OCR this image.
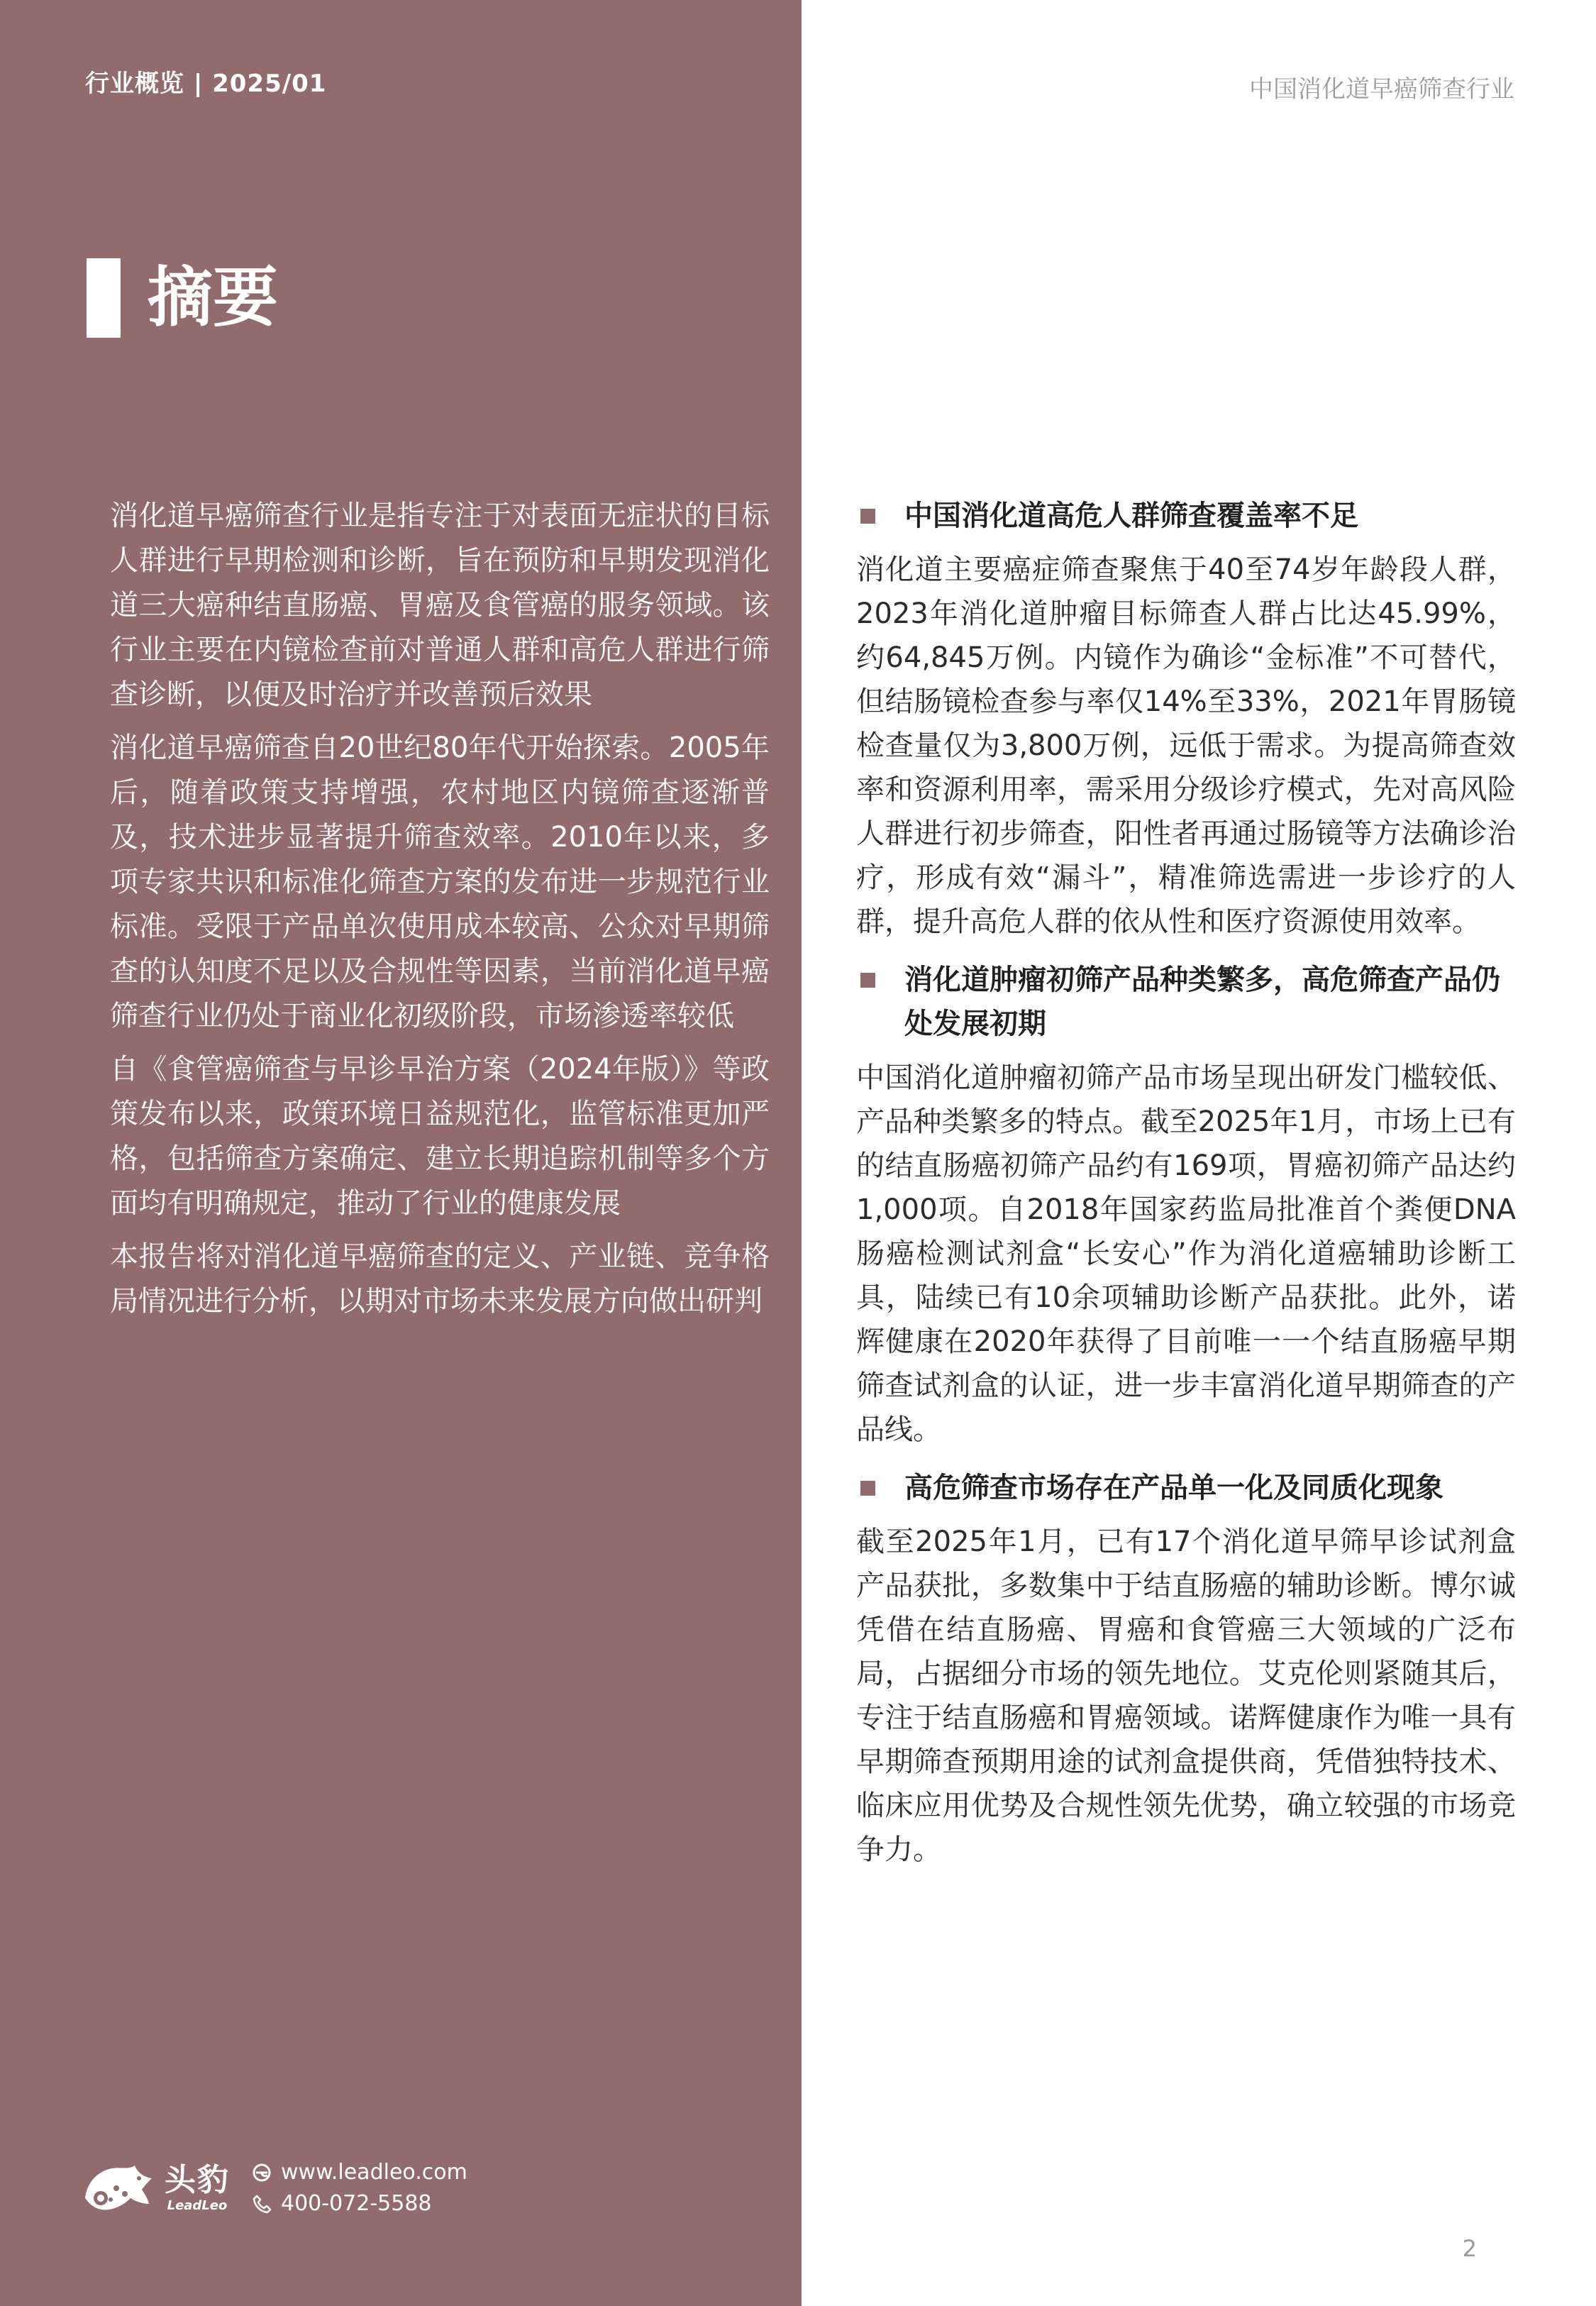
行业概览 | 2025/01
摘要

消化道早癌筛查行业是指专注于对表面无症状的目标人群进行早期检测和诊断，旨在预防和早期发现消化道三大癌种结直肠癌、胃癌及食管癌的服务领域。该行业主要在内镜检查前对普通人群和高危人群进行筛查诊断，以便及时治疗并改善预后效果

消化道早癌筛查自20世纪80年代开始探索。2005年后，随着政策支持增强，农村地区内镜筛查逐渐普及，技术进步显著提升筛查效率。2010年以来，多项专家共识和标准化筛查方案的发布进一步规范行业标准。受限于产品单次使用成本较高、公众对早期筛查的认知度不足以及合规性等因素，当前消化道早癌筛查行业仍处于商业化初级阶段，市场渗透率较低

自《食管癌筛查与早诊早治方案（2024年版）》等政策发布以来，政策环境日益规范化，监管标准更加严格，包括筛查方案确定、建立长期追踪机制等多个方面均有明确规定，推动了行业的健康发展

本报告将对消化道早癌筛查的定义、产业链、竞争格局情况进行分析，以期对市场未来发展方向做出研判

头豹
LeadLeo
www.leadleo.com
400-072-5588
中国消化道早癌筛查行业
中国消化道高危人群筛查覆盖率不足

消化道主要癌症筛查聚焦于40至74岁年龄段人群，2023年消化道肿瘤目标筛查人群占比达45.99%，约64,845万例。内镜作为确诊“金标准”不可替代，但结肠镜检查参与率仅14%至33%，2021年胃肠镜检查量仅为3,800万例，远低于需求。为提高筛查效率和资源利用率，需采用分级诊疗模式，先对高风险人群进行初步筛查，阳性者再通过肠镜等方法确诊治疗，形成有效“漏斗”，精准筛选需进一步诊疗的人群，提升高危人群的依从性和医疗资源使用效率。

消化道肿瘤初筛产品种类繁多，高危筛查产品仍处发展初期

中国消化道肿瘤初筛产品市场呈现出研发门槛较低、产品种类繁多的特点。截至2025年1月，市场上已有的结直肠癌初筛产品约有169项，胃癌初筛产品达约1,000项。自2018年国家药监局批准首个粪便DNA肠癌检测试剂盒“长安心”作为消化道癌辅助诊断工具，陆续已有10余项辅助诊断产品获批。此外，诺辉健康在2020年获得了目前唯一一个结直肠癌早期筛查试剂盒的认证，进一步丰富消化道早期筛查的产品线。

高危筛查市场存在产品单一化及同质化现象

截至2025年1月，已有17个消化道早筛早诊试剂盒产品获批，多数集中于结直肠癌的辅助诊断。博尔诚凭借在结直肠癌、胃癌和食管癌三大领域的广泛布局，占据细分市场的领先地位。艾克伦则紧随其后，专注于结直肠癌和胃癌领域。诺辉健康作为唯一具有早期筛查预期用途的试剂盒提供商，凭借独特技术、临床应用优势及合规性领先优势，确立较强的市场竞争力。

2
